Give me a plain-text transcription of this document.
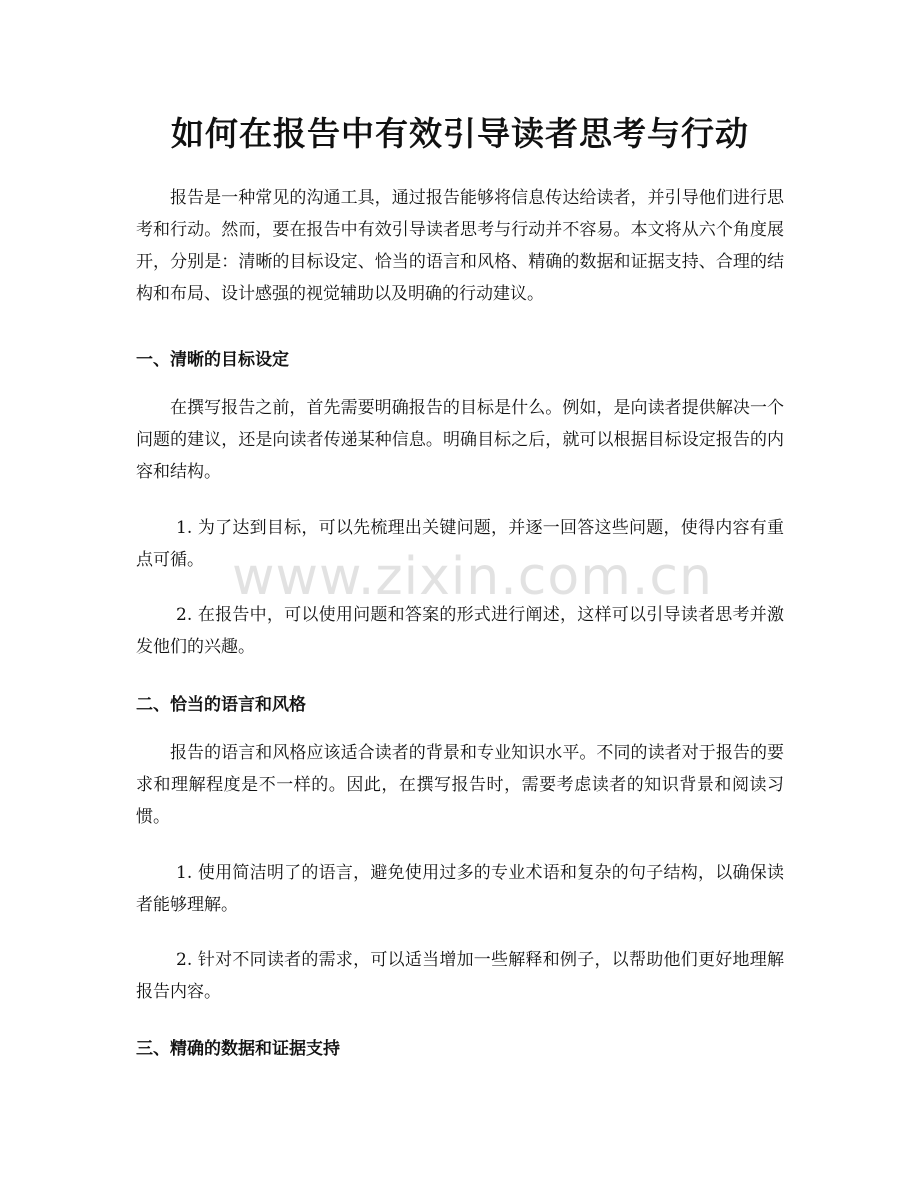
如何在报告中有效引导读者思考与行动

报告是一种常见的沟通工具，通过报告能够将信息传达给读者，并引导他们进行思考和行动。然而，要在报告中有效引导读者思考与行动并不容易。本文将从六个角度展开，分别是：清晰的目标设定、恰当的语言和风格、精确的数据和证据支持、合理的结构和布局、设计感强的视觉辅助以及明确的行动建议。

一、清晰的目标设定

在撰写报告之前，首先需要明确报告的目标是什么。例如，是向读者提供解决一个问题的建议，还是向读者传递某种信息。明确目标之后，就可以根据目标设定报告的内容和结构。

1. 为了达到目标，可以先梳理出关键问题，并逐一回答这些问题，使得内容有重点可循。

2. 在报告中，可以使用问题和答案的形式进行阐述，这样可以引导读者思考并激发他们的兴趣。

二、恰当的语言和风格

报告的语言和风格应该适合读者的背景和专业知识水平。不同的读者对于报告的要求和理解程度是不一样的。因此，在撰写报告时，需要考虑读者的知识背景和阅读习惯。

1. 使用简洁明了的语言，避免使用过多的专业术语和复杂的句子结构，以确保读者能够理解。

2. 针对不同读者的需求，可以适当增加一些解释和例子，以帮助他们更好地理解报告内容。

三、精确的数据和证据支持
www.zixin.com.cn
